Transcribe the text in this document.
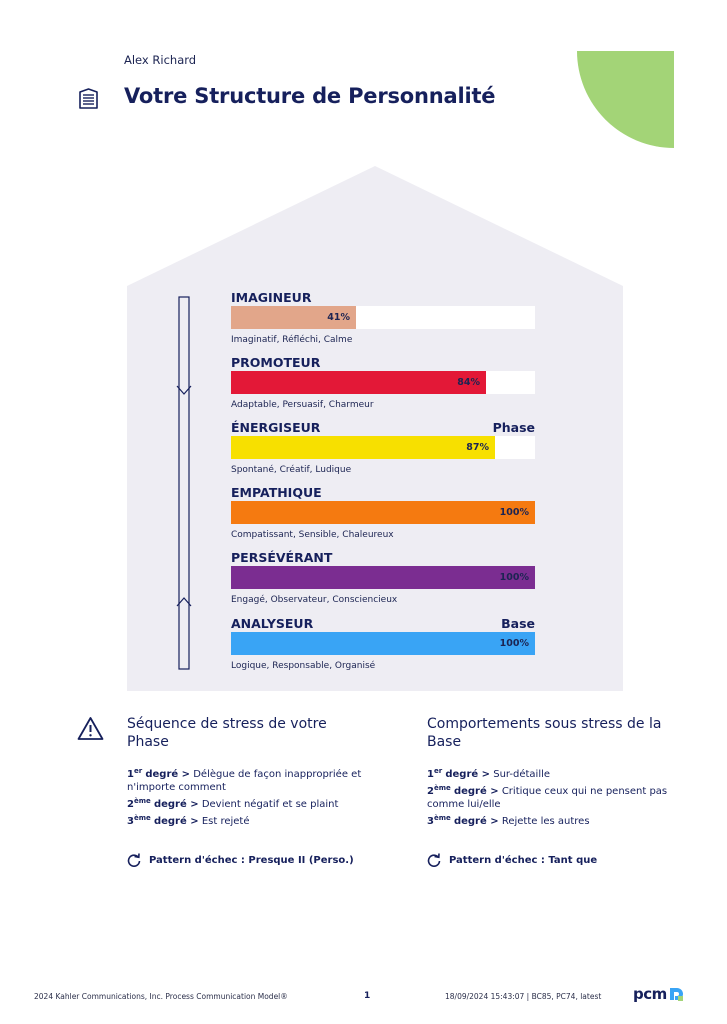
Alex Richard
Votre Structure de Personnalité
IMAGINEUR
41%
Imaginatif, Réfléchi, Calme
PROMOTEUR
84%
Adaptable, Persuasif, Charmeur
ÉNERGISEUR	Phase
87%
Spontané, Créatif, Ludique
EMPATHIQUE
100%
Compatissant, Sensible, Chaleureux
PERSÉVÉRANT
100%
Engagé, Observateur, Consciencieux
ANALYSEUR	Base
100%
Logique, Responsable, Organisé
Séquence de stress de votre
Phase
1er degré > Délègue de façon inappropriée et n'importe comment
2ème degré > Devient négatif et se plaint
3ème degré > Est rejeté
Pattern d'échec : Presque II (Perso.)
Comportements sous stress de la
Base
1er degré > Sur-détaille
2ème degré > Critique ceux qui ne pensent pas comme lui/elle
3ème degré > Rejette les autres
Pattern d'échec : Tant que
2024 Kahler Communications, Inc. Process Communication Model®	1	18/09/2024 15:43:07 | BC85, PC74, latest pcm
